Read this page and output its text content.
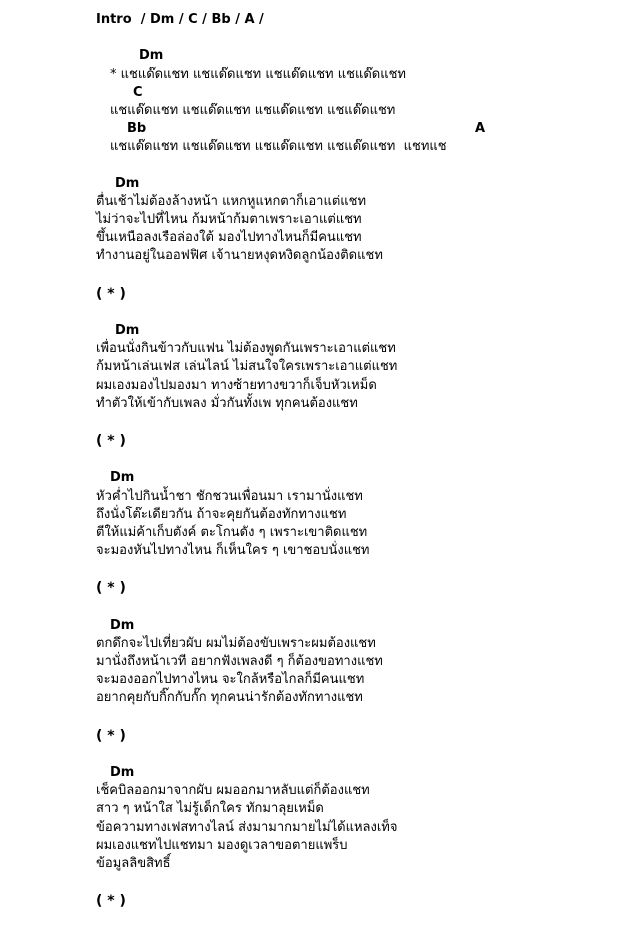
Intro  / Dm / C / Bb / A /
Dm
* แชแด๊ดแชท แชแด๊ดแชท แชแด๊ดแชท แชแด๊ดแชท
C
แชแด๊ดแชท แชแด๊ดแชท แชแด๊ดแชท แชแด๊ดแชท
Bb	A
แชแด๊ดแชท แชแด๊ดแชท แชแด๊ดแชท แชแด๊ดแชท  แชทแช
Dm
ตื่นเช้าไม่ต้องล้างหน้า แหกหูแหกตาก็เอาแต่แชท
ไม่ว่าจะไปที่ไหน ก้มหน้าก้มตาเพราะเอาแต่แชท
ขึ้นเหนือลงเรือล่องใต้ มองไปทางไหนก็มีคนแชท
ทำงานอยู่ในออฟฟิศ เจ้านายหงุดหงิดลูกน้องติดแชท
( * )
Dm
เพื่อนนั่งกินข้าวกับแฟน ไม่ต้องพูดกันเพราะเอาแต่แชท
ก้มหน้าเล่นเฟส เล่นไลน์ ไม่สนใจใครเพราะเอาแต่แชท
ผมเองมองไปมองมา ทางซ้ายทางขวาก็เจ็บหัวเหม็ด
ทำตัวให้เข้ากับเพลง มั่วกันทั้งเพ ทุกคนต้องแชท
( * )
Dm
หัวค่ำไปกินน้ำชา ชักชวนเพื่อนมา เรามานั่งแชท
ถึงนั่งโต๊ะเดียวกัน ถ้าจะคุยกันต้องทักทางแชท
ตีให้แม่ค้าเก็บตังค์ ตะโกนดัง ๆ เพราะเขาติดแชท
จะมองหันไปทางไหน ก็เห็นใคร ๆ เขาชอบนั่งแชท
( * )
Dm
ตกดึกจะไปเที่ยวผับ ผมไม่ต้องขับเพราะผมต้องแชท
มานั่งถึงหน้าเวที อยากฟังเพลงดี ๆ ก็ต้องขอทางแชท
จะมองออกไปทางไหน จะใกล้หรือไกลก็มีคนแชท
อยากคุยกับกิ๊กกับกั๊ก ทุกคนน่ารักต้องทักทางแชท
( * )
Dm
เช็คบิลออกมาจากผับ ผมออกมาหลับแต่ก็ต้องแชท
สาว ๆ หน้าใส ไม่รู้เด็กใคร ทักมาลุยเหม็ด
ข้อความทางเฟสทางไลน์ ส่งมามากมายไม่ได้แหลงเท็จ
ผมเองแชทไปแชทมา มองดูเวลาขอตายแพร็บ
ข้อมูลลิขสิทธิ์
( * )
